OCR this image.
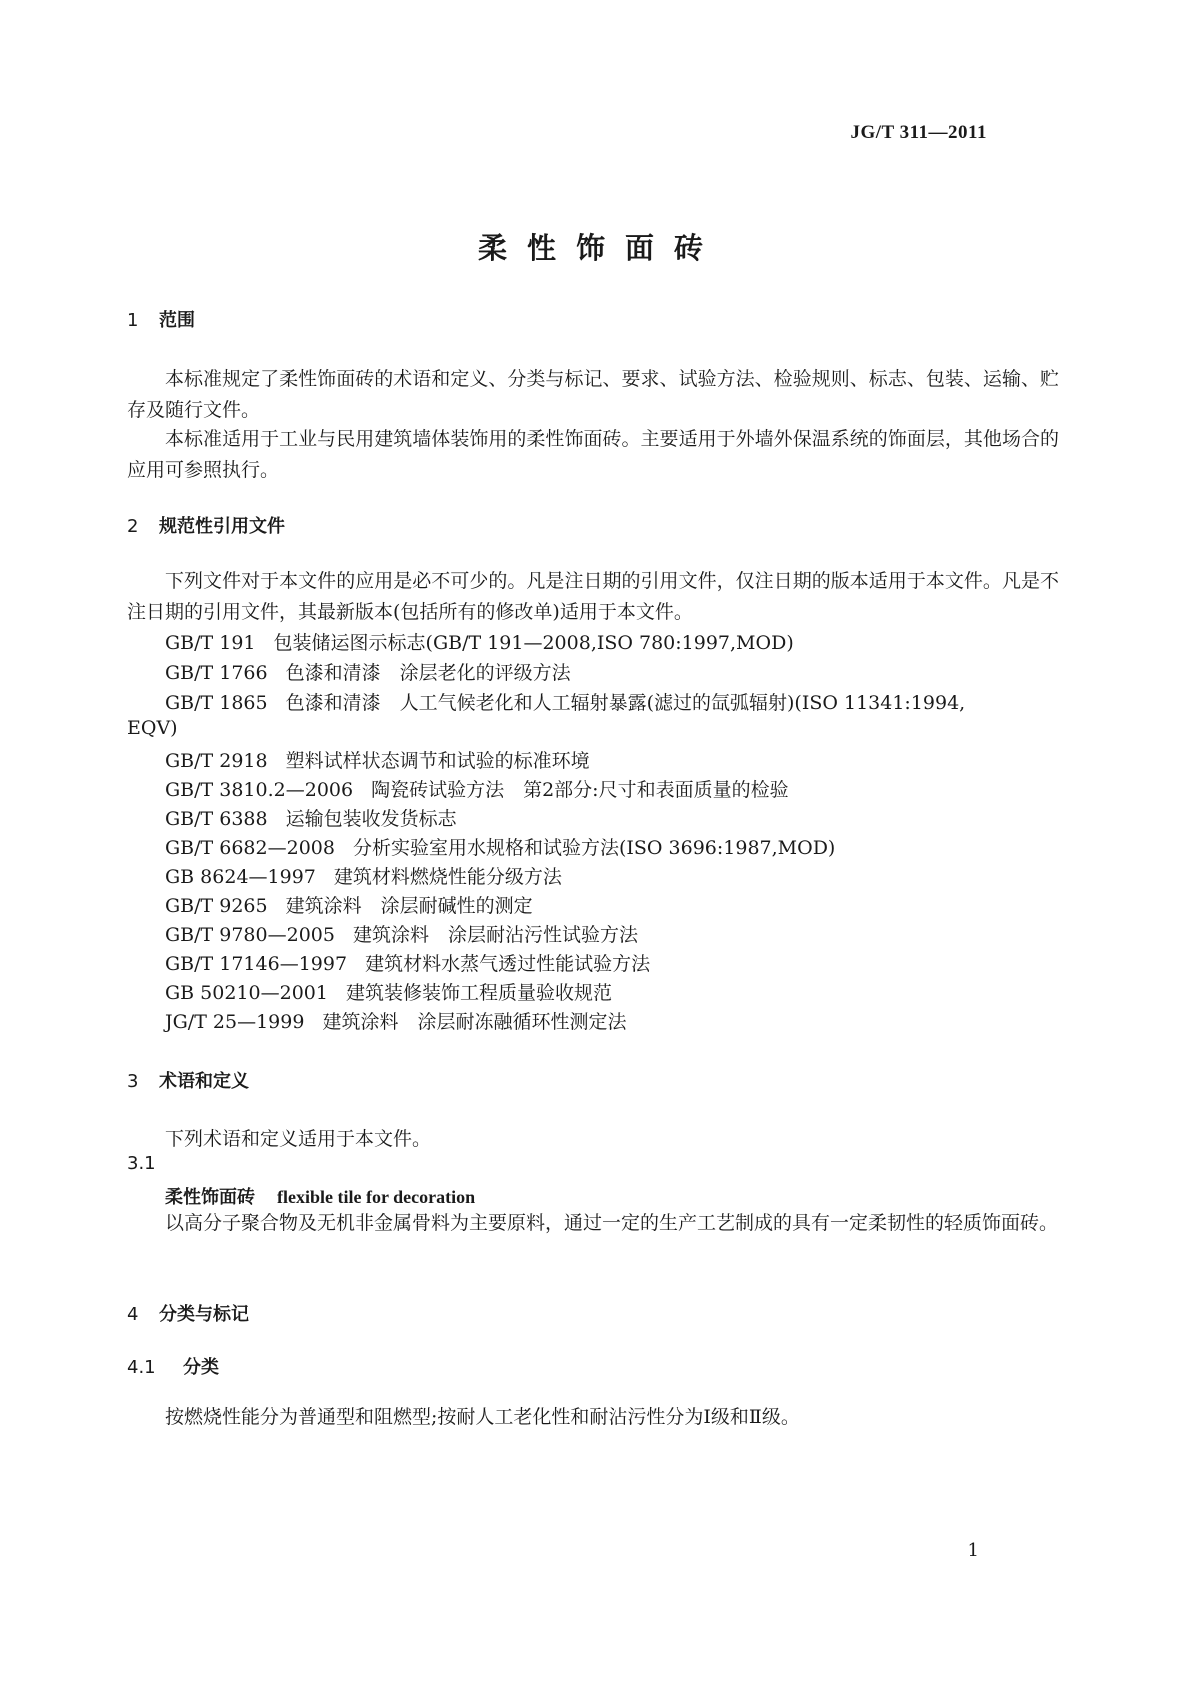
JG/T 311—2011
柔性饰面砖
1 范围
本标准规定了柔性饰面砖的术语和定义、分类与标记、要求、试验方法、检验规则、标志、包装、运输、贮存及随行文件。
本标准适用于工业与民用建筑墙体装饰用的柔性饰面砖。主要适用于外墙外保温系统的饰面层，其他场合的应用可参照执行。
2 规范性引用文件
下列文件对于本文件的应用是必不可少的。凡是注日期的引用文件，仅注日期的版本适用于本文件。凡是不注日期的引用文件，其最新版本(包括所有的修改单)适用于本文件。
GB/T 191 包装储运图示标志(GB/T 191—2008,ISO 780:1997,MOD)
GB/T 1766 色漆和清漆　涂层老化的评级方法
GB/T 1865 色漆和清漆　人工气候老化和人工辐射暴露(滤过的氙弧辐射)(ISO 11341:1994,
EQV)
GB/T 2918 塑料试样状态调节和试验的标准环境
GB/T 3810.2—2006 陶瓷砖试验方法　第2部分:尺寸和表面质量的检验
GB/T 6388 运输包装收发货标志
GB/T 6682—2008 分析实验室用水规格和试验方法(ISO 3696:1987,MOD)
GB 8624—1997 建筑材料燃烧性能分级方法
GB/T 9265 建筑涂料　涂层耐碱性的测定
GB/T 9780—2005 建筑涂料　涂层耐沾污性试验方法
GB/T 17146—1997 建筑材料水蒸气透过性能试验方法
GB 50210—2001 建筑装修装饰工程质量验收规范
JG/T 25—1999 建筑涂料　涂层耐冻融循环性测定法
3 术语和定义
下列术语和定义适用于本文件。
3.1
柔性饰面砖 flexible tile for decoration
以高分子聚合物及无机非金属骨料为主要原料，通过一定的生产工艺制成的具有一定柔韧性的轻质饰面砖。
4 分类与标记
4.1 分类
按燃烧性能分为普通型和阻燃型;按耐人工老化性和耐沾污性分为Ⅰ级和Ⅱ级。
1
